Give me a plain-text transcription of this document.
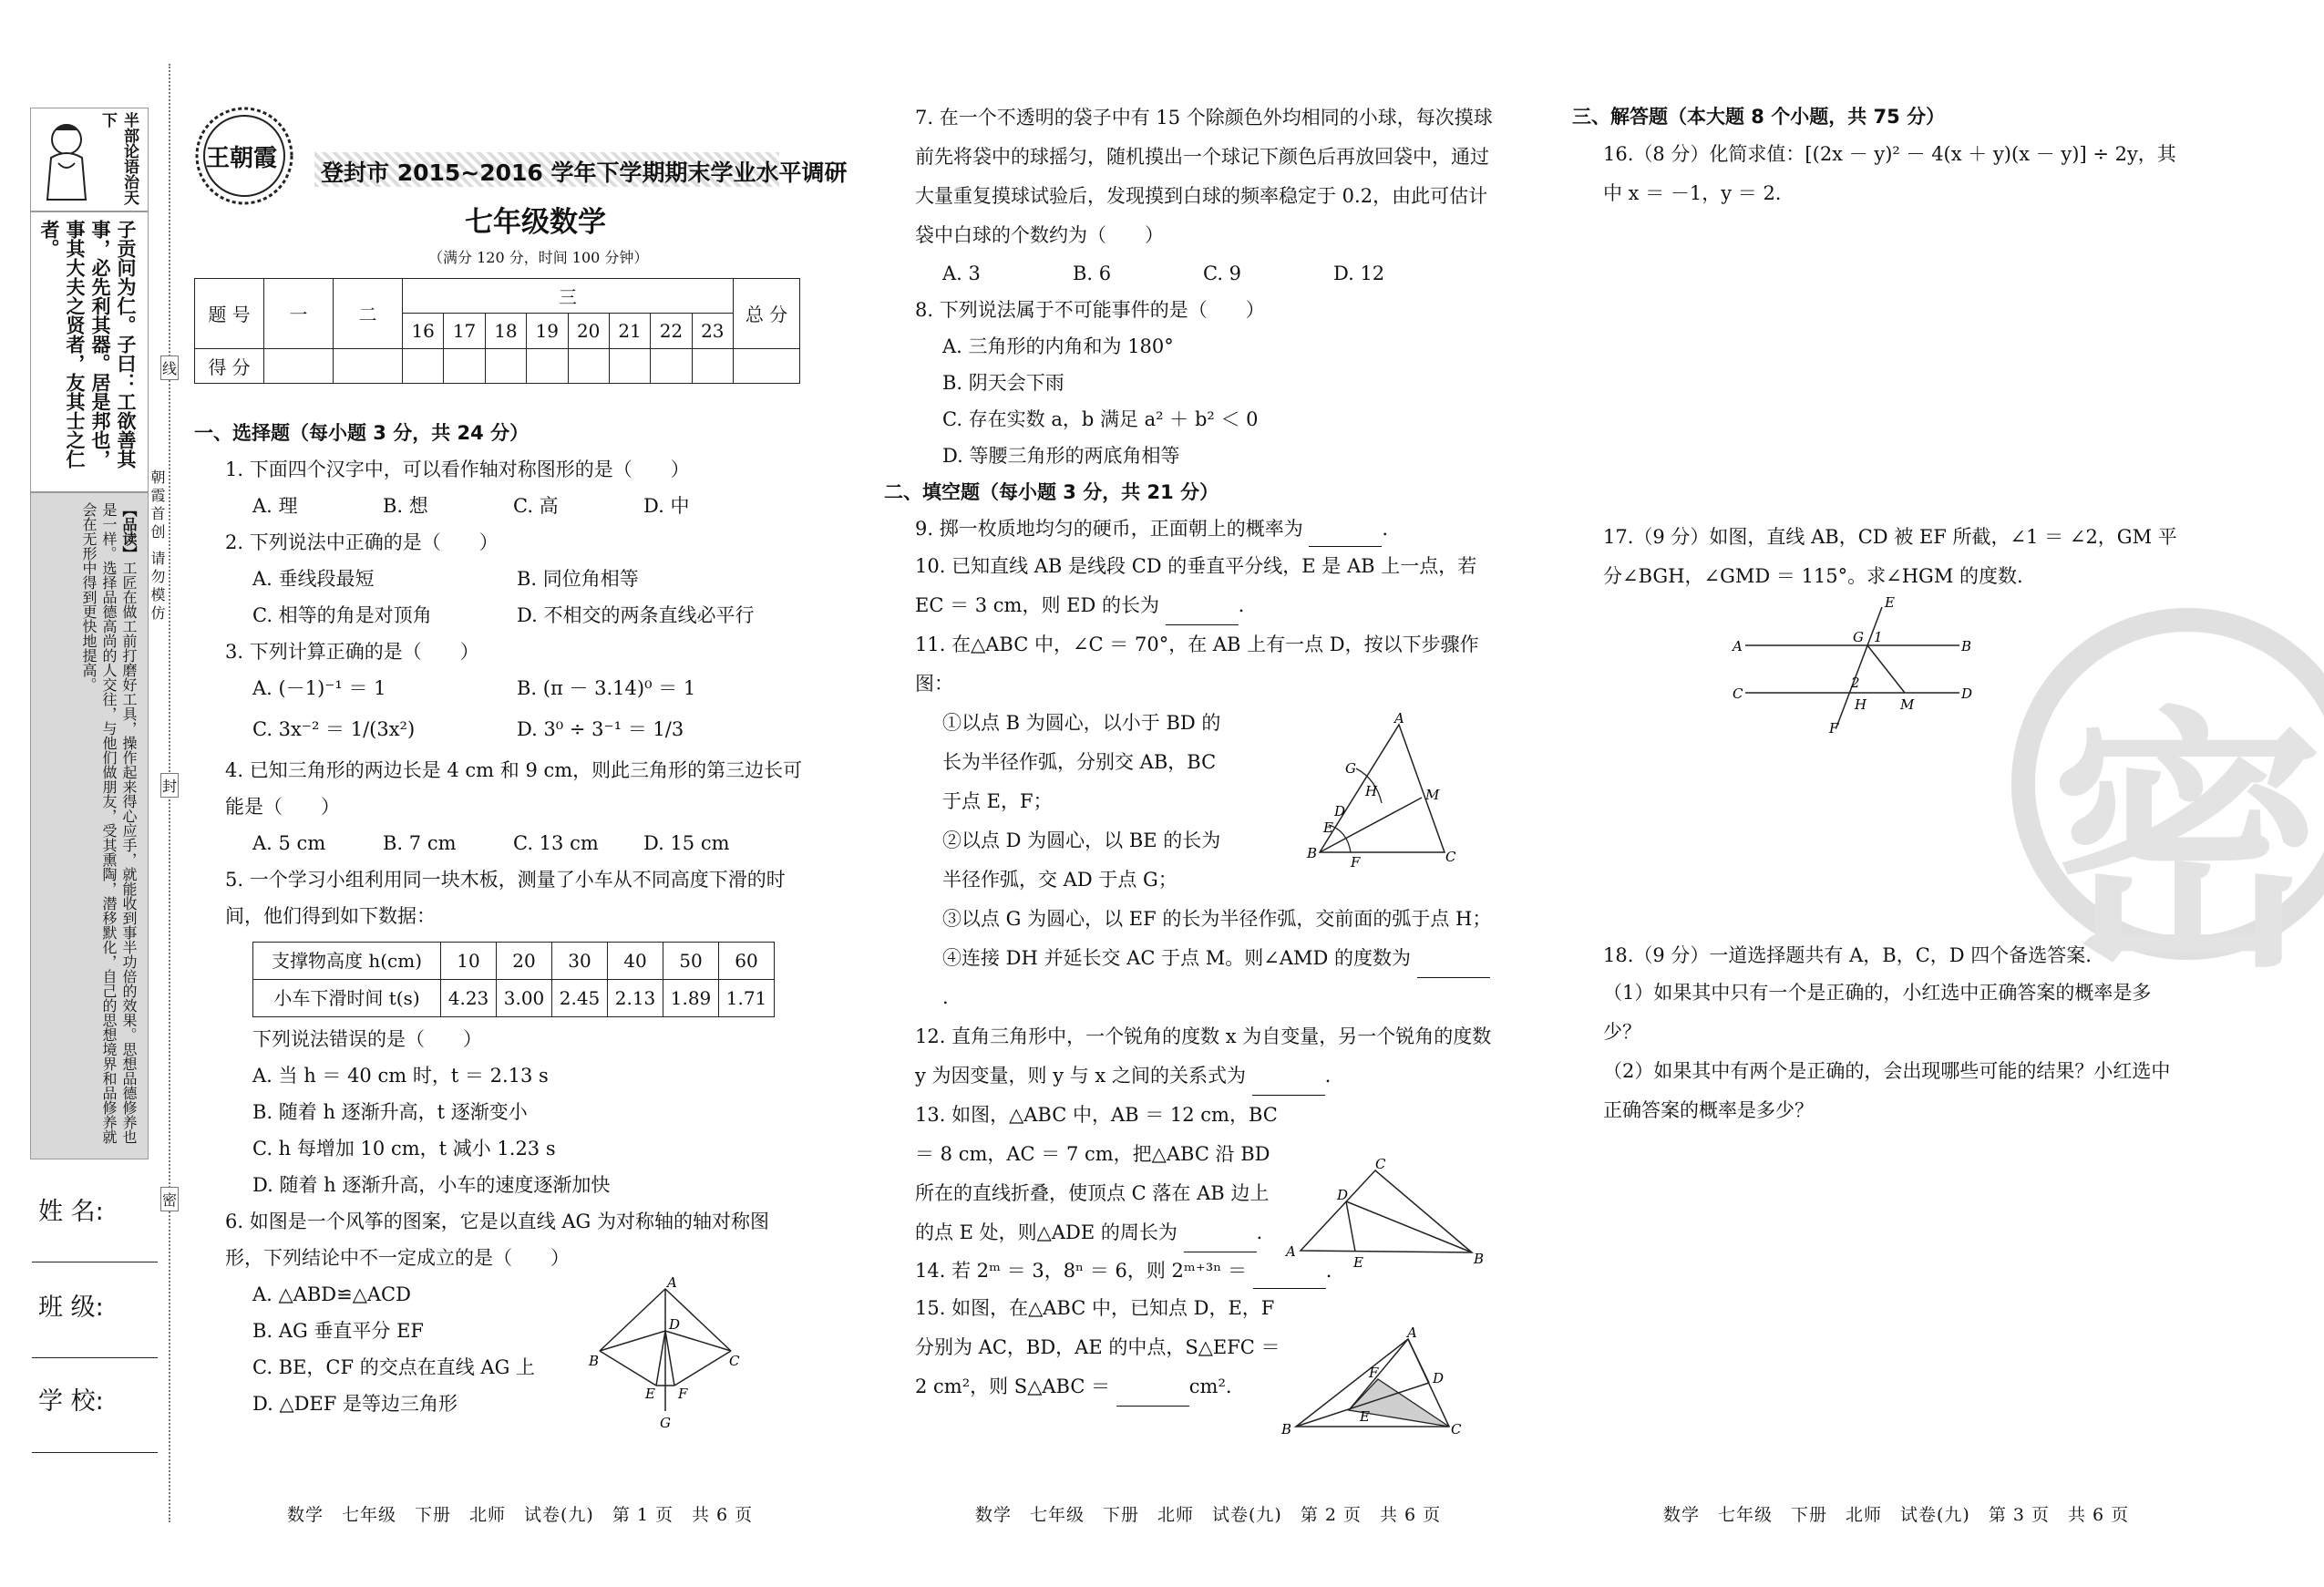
半部论语治天下
子贡问为仁。子曰：工欲善其事，必先利其器。居是邦也，事其大夫之贤者，友其士之仁者。
【品读】工匠在做工前打磨好工具，操作起来得心应手，就能收到事半功倍的效果。思想品德修养也是一样。选择品德高尚的人交往，与他们做朋友，受其熏陶，潜移默化，自己的思想境界和品修养就会在无形中得到更快地提高。	朝霞首创 请勿模仿
线
封
密
姓 名:
班 级:
学 校:
王朝霞
登封市 2015~2016 学年下学期期末学业水平调研
七年级数学
（满分 120 分，时间 100 分钟）
题 号	一	二	三								总 分
			16	17	18	19	20	21	22	23	
得 分											

一、选择题（每小题 3 分，共 24 分）

1. 下面四个汉字中，可以看作轴对称图形的是（　　）

A. 理	B. 想	C. 高	D. 中

2. 下列说法中正确的是（　　）

A. 垂线段最短	B. 同位角相等

C. 相等的角是对顶角	D. 不相交的两条直线必平行

3. 下列计算正确的是（　　）

A. (－1)⁻¹ ＝ 1	B. (π － 3.14)⁰ ＝ 1

C. 3x⁻² ＝ 1/(3x²)	D. 3⁰ ÷ 3⁻¹ ＝ 1/3

4. 已知三角形的两边长是 4 cm 和 9 cm，则此三角形的第三边长可能是（　　）

A. 5 cm	B. 7 cm	C. 13 cm	D. 15 cm

5. 一个学习小组利用同一块木板，测量了小车从不同高度下滑的时间，他们得到如下数据：

支撑物高度 h(cm)	10	20	30	40	50	60
小车下滑时间 t(s)	4.23	3.00	2.45	2.13	1.89	1.71

下列说法错误的是（　　）

A. 当 h ＝ 40 cm 时，t ＝ 2.13 s

B. 随着 h 逐渐升高，t 逐渐变小

C. h 每增加 10 cm，t 减小 1.23 s

D. 随着 h 逐渐升高，小车的速度逐渐加快

6. 如图是一个风筝的图案，它是以直线 AG 为对称轴的轴对称图形，下列结论中不一定成立的是（　　）

A. △ABD≌△ACD

B. AG 垂直平分 EF

C. BE，CF 的交点在直线 AG 上

D. △DEF 是等边三角形

A
B	C
D
E F
G

7. 在一个不透明的袋子中有 15 个除颜色外均相同的小球，每次摸球前先将袋中的球摇匀，随机摸出一个球记下颜色后再放回袋中，通过大量重复摸球试验后，发现摸到白球的频率稳定于 0.2，由此可估计袋中白球的个数约为（　　）

A. 3	B. 6	C. 9	D. 12

8. 下列说法属于不可能事件的是（　　）

A. 三角形的内角和为 180°

B. 阴天会下雨

C. 存在实数 a，b 满足 a² ＋ b² ＜ 0

D. 等腰三角形的两底角相等

二、填空题（每小题 3 分，共 21 分）

9. 掷一枚质地均匀的硬币，正面朝上的概率为	.

10. 已知直线 AB 是线段 CD 的垂直平分线，E 是 AB 上一点，若 EC ＝ 3 cm，则 ED 的长为	.

11. 在△ABC 中，∠C ＝ 70°，在 AB 上有一点 D，按以下步骤作图：

①以点 B 为圆心，以小于 BD 的长为半径作弧，分别交 AB，BC 于点 E，F；

②以点 D 为圆心，以 BE 的长为半径作弧，交 AD 于点 G；

③以点 G 为圆心，以 EF 的长为半径作弧，交前面的弧于点 H；

④连接 DH 并延长交 AC 于点 M。则∠AMD 的度数为 .

12. 直角三角形中，一个锐角的度数 x 为自变量，另一个锐角的度数 y 为因变量，则 y 与 x 之间的关系式为	.

13. 如图，△ABC 中，AB ＝ 12 cm，BC ＝ 8 cm，AC ＝ 7 cm，把△ABC 沿 BD 所在的直线折叠，使顶点 C 落在 AB 边上的点 E 处，则△ADE 的周长为	.

14. 若 2ᵐ ＝ 3，8ⁿ ＝ 6，则 2ᵐ⁺³ⁿ ＝	.

15. 如图，在△ABC 中，已知点 D，E，F 分别为 AC，BD，AE 的中点，S△EFC ＝ 2 cm²，则 S△ABC ＝	cm².

A
B	C
D
G
H
E
F
M
C
A	B
D
E
A
B	C
D
F
E

三、解答题（本大题 8 个小题，共 75 分）

16.（8 分）化简求值：[(2x － y)² － 4(x ＋ y)(x － y)] ÷ 2y，其中 x ＝ －1，y ＝ 2.

17.（9 分）如图，直线 AB，CD 被 EF 所截，∠1 ＝ ∠2，GM 平分∠BGH，∠GMD ＝ 115°。求∠HGM 的度数.

E
A	B
C	D
G 1
2
H M
F

18.（9 分）一道选择题共有 A，B，C，D 四个备选答案.

（1）如果其中只有一个是正确的，小红选中正确答案的概率是多少？

（2）如果其中有两个是正确的，会出现哪些可能的结果？小红选中正确答案的概率是多少？

密
数学　七年级　下册　北师　试卷(九)　第 1 页　共 6 页	数学　七年级　下册　北师　试卷(九)　第 2 页　共 6 页	数学　七年级　下册　北师　试卷(九)　第 3 页　共 6 页
